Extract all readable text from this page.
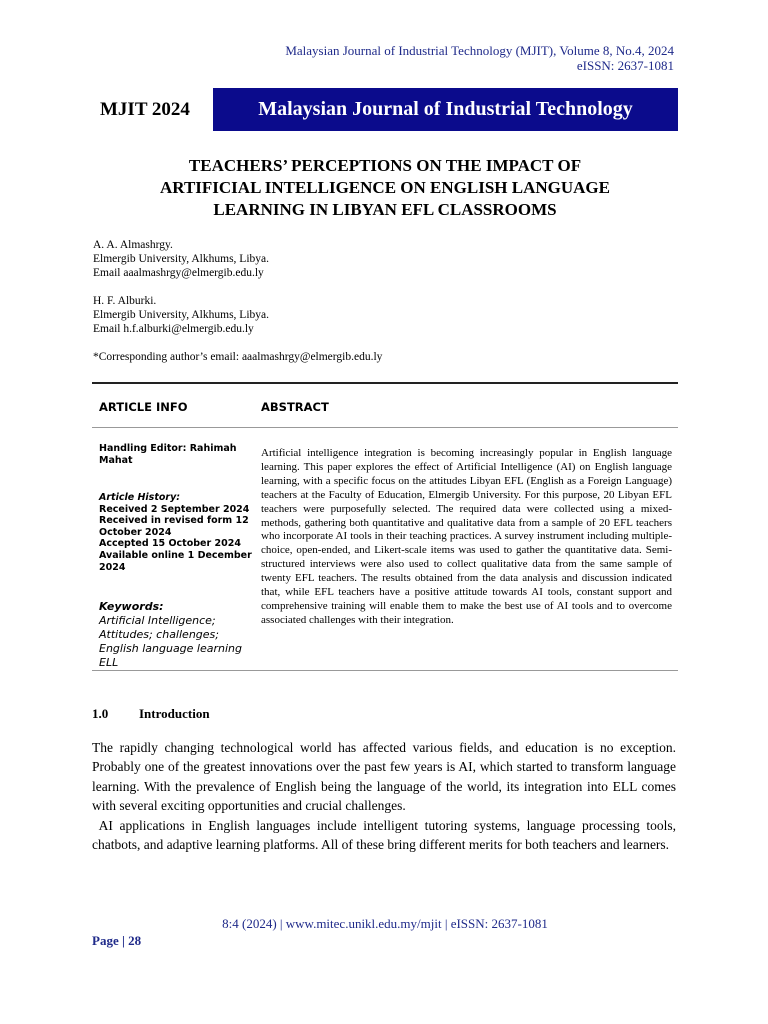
Malaysian Journal of Industrial Technology (MJIT), Volume 8, No.4, 2024
eISSN: 2637-1081
MJIT 2024	Malaysian Journal of Industrial Technology
TEACHERS’ PERCEPTIONS ON THE IMPACT OF
ARTIFICIAL INTELLIGENCE ON ENGLISH LANGUAGE
LEARNING IN LIBYAN EFL CLASSROOMS
A. A. Almashrgy.
Elmergib University, Alkhums, Libya.
Email aaalmashrgy@elmergib.edu.ly
H. F. Alburki.
Elmergib University, Alkhums, Libya.
Email h.f.alburki@elmergib.edu.ly
*Corresponding author’s email: aaalmashrgy@elmergib.edu.ly
ARTICLE INFO	ABSTRACT
Handling Editor: Rahimah Mahat
Article History:
Received 2 September 2024
Received in revised form 12 October 2024
Accepted 15 October 2024
Available online 1 December 2024
Keywords:
Artificial Intelligence; Attitudes; challenges; English language learning ELL
Artificial intelligence integration is becoming increasingly popular in English language learning. This paper explores the effect of Artificial Intelligence (AI) on English language learning, with a specific focus on the attitudes Libyan EFL (English as a Foreign Language) teachers at the Faculty of Education, Elmergib University. For this purpose, 20 Libyan EFL teachers were purposefully selected. The required data were collected using a mixed-methods, gathering both quantitative and qualitative data from a sample of 20 EFL teachers who incorporate AI tools in their teaching practices. A survey instrument including multiple-choice, open-ended, and Likert-scale items was used to gather the quantitative data. Semi-structured interviews were also used to collect qualitative data from the same sample of twenty EFL teachers. The results obtained from the data analysis and discussion indicated that, while EFL teachers have a positive attitude towards AI tools, constant support and comprehensive training will enable them to make the best use of AI tools and to overcome associated challenges with their integration.
1.0 Introduction
The rapidly changing technological world has affected various fields, and education is no exception. Probably one of the greatest innovations over the past few years is AI, which started to transform language learning. With the prevalence of English being the language of the world, its integration into ELL comes with several exciting opportunities and crucial challenges.
AI applications in English languages include intelligent tutoring systems, language processing tools, chatbots, and adaptive learning platforms. All of these bring different merits for both teachers and learners.
8:4 (2024) | www.mitec.unikl.edu.my/mjit | eISSN: 2637-1081
Page | 28
